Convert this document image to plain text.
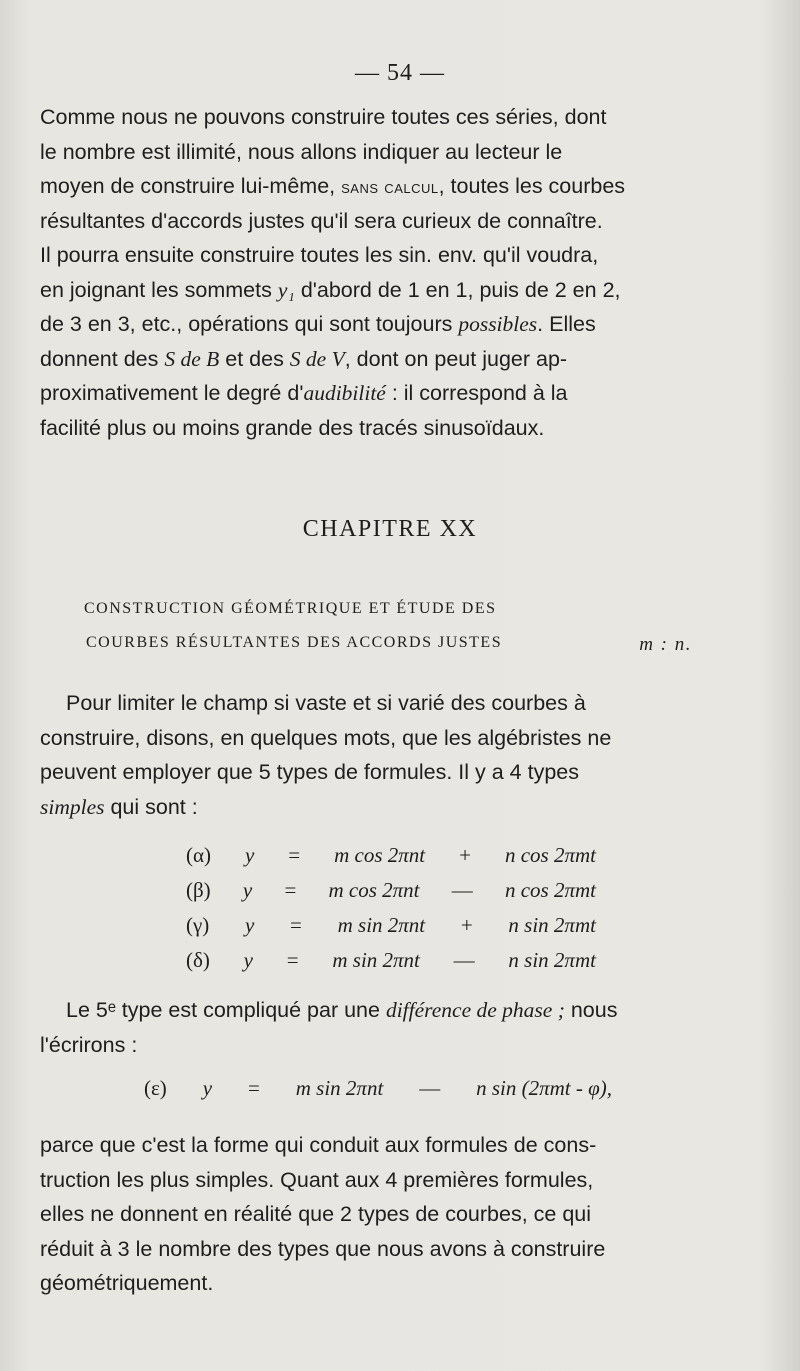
— 54 —
Comme nous ne pouvons construire toutes ces séries, dont
le nombre est illimité, nous allons indiquer au lecteur le
moyen de construire lui-même, sans calcul, toutes les courbes
résultantes d'accords justes qu'il sera curieux de connaître.
Il pourra ensuite construire toutes les sin. env. qu'il voudra,
en joignant les sommets y₁ d'abord de 1 en 1, puis de 2 en 2,
de 3 en 3, etc., opérations qui sont toujours possibles. Elles
donnent des S de B et des S de V, dont on peut juger ap-
proximativement le degré d'audibilité : il correspond à la
facilité plus ou moins grande des tracés sinusoïdaux.
CHAPITRE XX
CONSTRUCTION GÉOMÉTRIQUE ET ÉTUDE DES
COURBES RÉSULTANTES DES ACCORDS JUSTES	m : n.
Pour limiter le champ si vaste et si varié des courbes à
construire, disons, en quelques mots, que les algébristes ne
peuvent employer que 5 types de formules. Il y a 4 types
simples qui sont :
(α) y = m cos 2πnt + n cos 2πmt
(β) y = m cos 2πnt — n cos 2πmt
(γ) y = m sin 2πnt + n sin 2πmt
(δ) y = m sin 2πnt — n sin 2πmt
Le 5ᵉ type est compliqué par une différence de phase ; nous
l'écrirons :
(ε) y = m sin 2πnt — n sin (2πmt - φ),
parce que c'est la forme qui conduit aux formules de cons-
truction les plus simples. Quant aux 4 premières formules,
elles ne donnent en réalité que 2 types de courbes, ce qui
réduit à 3 le nombre des types que nous avons à construire
géométriquement.
